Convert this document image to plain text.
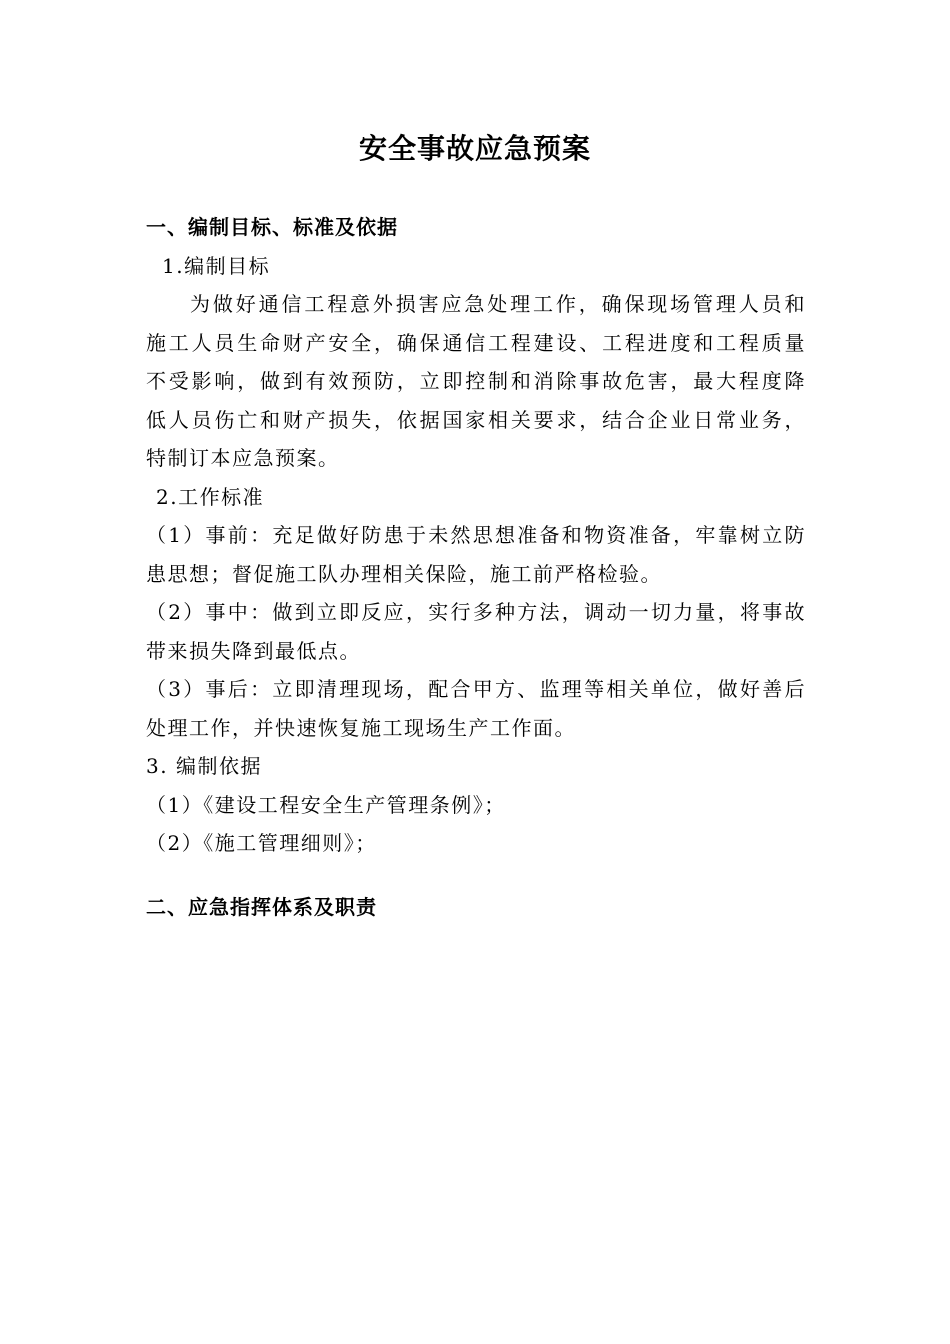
安全事故应急预案
一、编制目标、标准及依据
1.编制目标
为做好通信工程意外损害应急处理工作，确保现场管理人员和
施工人员生命财产安全，确保通信工程建设、工程进度和工程质量
不受影响，做到有效预防，立即控制和消除事故危害，最大程度降
低人员伤亡和财产损失，依据国家相关要求，结合企业日常业务，
特制订本应急预案。
2.工作标准
（1）事前：充足做好防患于未然思想准备和物资准备，牢靠树立防
患思想；督促施工队办理相关保险，施工前严格检验。
（2）事中：做到立即反应，实行多种方法，调动一切力量，将事故
带来损失降到最低点。
（3）事后：立即清理现场，配合甲方、监理等相关单位，做好善后
处理工作，并快速恢复施工现场生产工作面。
3. 编制依据
（1）《建设工程安全生产管理条例》；
（2）《施工管理细则》；
二、应急指挥体系及职责
